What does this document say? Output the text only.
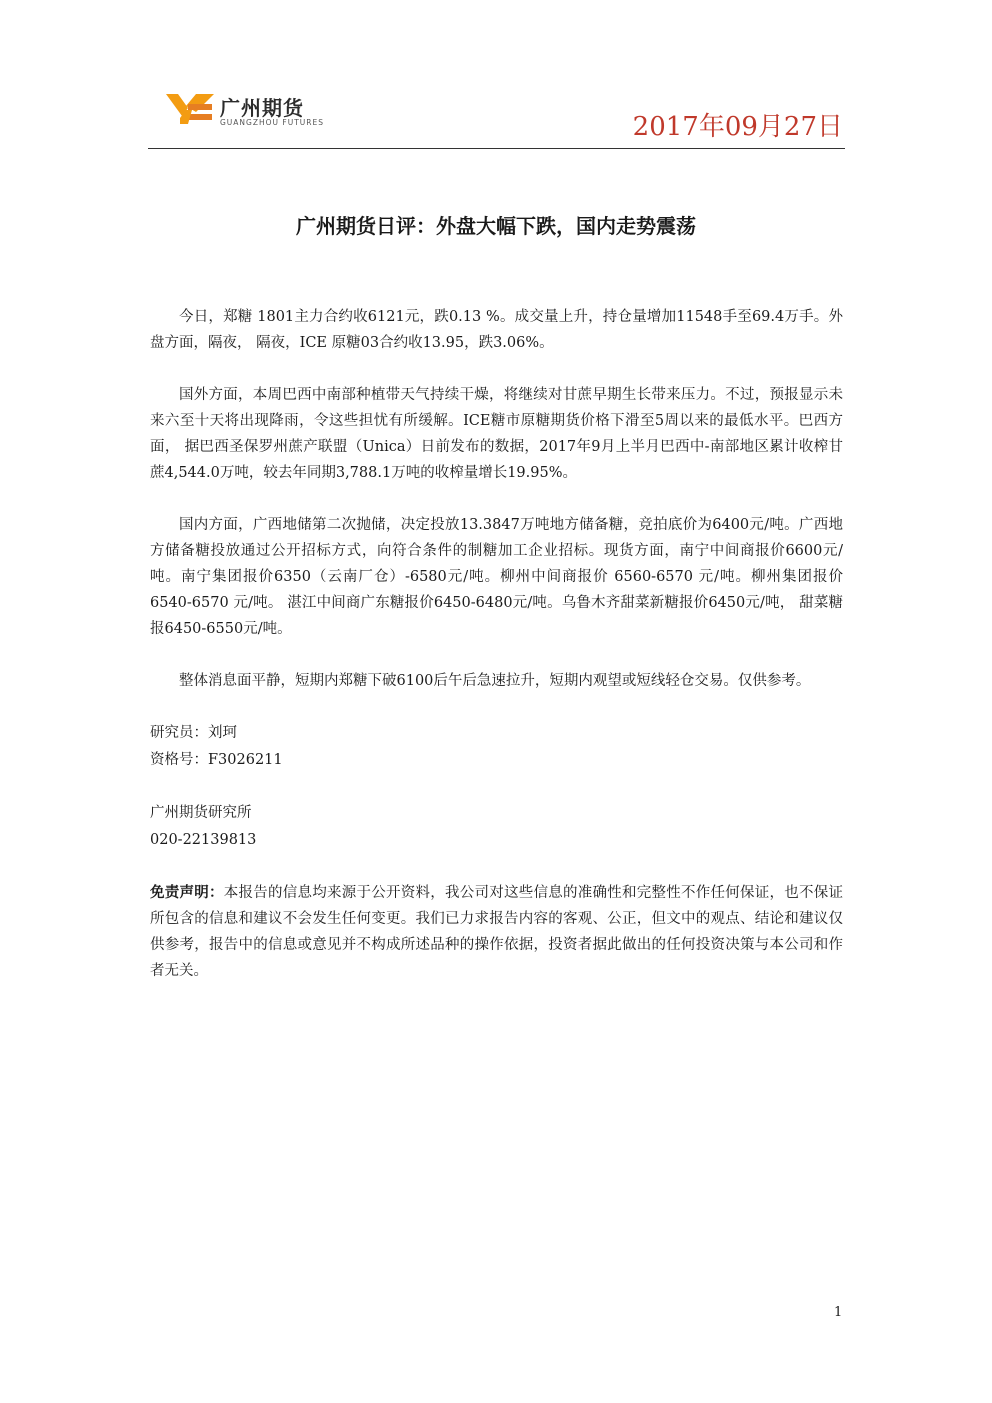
广州期货
GUANGZHOU FUTURES	2017年09月27日
广州期货日评：外盘大幅下跌，国内走势震荡

今日，郑糖 1801主力合约收6121元，跌0.13 %。成交量上升，持仓量增加11548手至69.4万手。外盘方面，隔夜， 隔夜，ICE 原糖03合约收13.95，跌3.06%。

国外方面，本周巴西中南部种植带天气持续干燥，将继续对甘蔗早期生长带来压力。不过，预报显示未来六至十天将出现降雨，令这些担忧有所缓解。ICE糖市原糖期货价格下滑至5周以来的最低水平。巴西方面， 据巴西圣保罗州蔗产联盟（Unica）日前发布的数据，2017年9月上半月巴西中-南部地区累计收榨甘蔗4,544.0万吨，较去年同期3,788.1万吨的收榨量增长19.95%。

国内方面，广西地储第二次抛储，决定投放13.3847万吨地方储备糖，竞拍底价为6400元/吨。广西地方储备糖投放通过公开招标方式，向符合条件的制糖加工企业招标。现货方面，南宁中间商报价6600元/吨。南宁集团报价6350（云南厂仓）-6580元/吨。柳州中间商报价 6560-6570 元/吨。柳州集团报价 6540-6570 元/吨。 湛江中间商广东糖报价6450-6480元/吨。乌鲁木齐甜菜新糖报价6450元/吨， 甜菜糖报6450-6550元/吨。

整体消息面平静，短期内郑糖下破6100后午后急速拉升，短期内观望或短线轻仓交易。仅供参考。

研究员：刘珂
资格号：F3026211
广州期货研究所
020-22139813

免责声明：本报告的信息均来源于公开资料，我公司对这些信息的准确性和完整性不作任何保证，也不保证所包含的信息和建议不会发生任何变更。我们已力求报告内容的客观、公正，但文中的观点、结论和建议仅供参考，报告中的信息或意见并不构成所述品种的操作依据，投资者据此做出的任何投资决策与本公司和作者无关。

1
